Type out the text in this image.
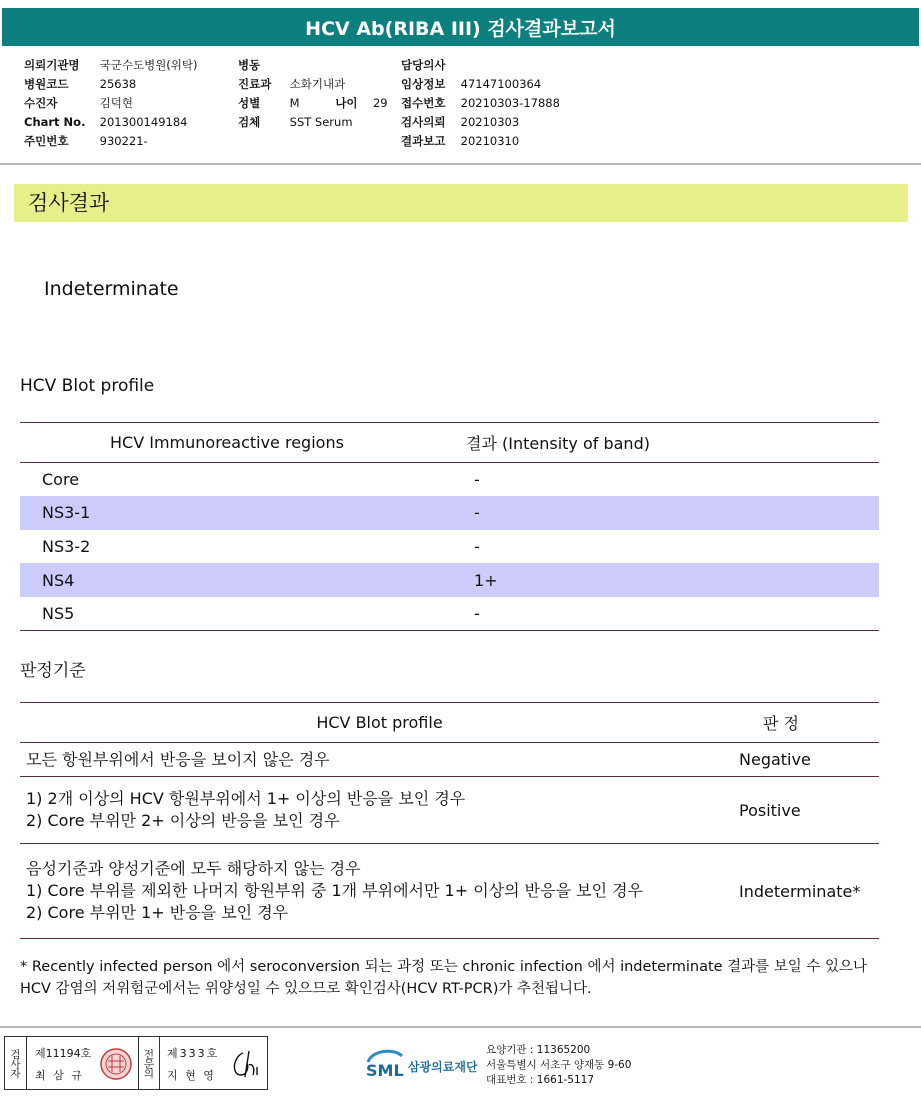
HCV Ab(RIBA III) 검사결과보고서
의뢰기관명 국군수도병원(위탁)
병원코드	25638
수진자	김덕현
Chart No. 201300149184
주민번호	930221-
병동
진료과 소화기내과
성별	M	나이 29
검체	SST Serum
담당의사
임상정보 47147100364
접수번호 20210303-17888
검사의뢰 20210303
결과보고 20210310
검사결과
Indeterminate
HCV Blot profile
HCV Immunoreactive regions	결과 (Intensity of band)
Core	-
NS3-1	-
NS3-2	-
NS4	1+
NS5	-
판정기준
HCV Blot profile	판 정

모든 항원부위에서 반응을 보이지 않은 경우	Negative

1) 2개 이상의 HCV 항원부위에서 1+ 이상의 반응을 보인 경우
2) Core 부위만 2+ 이상의 반응을 보인 경우	Positive

음성기준과 양성기준에 모두 해당하지 않는 경우
1) Core 부위를 제외한 나머지 항원부위 중 1개 부위에서만 1+ 이상의 반응을 보인 경우
2) Core 부위만 1+ 반응을 보인 경우	Indeterminate*
* Recently infected person 에서 seroconversion 되는 과정 또는 chronic infection 에서 indeterminate 결과를 보일 수 있으나 HCV 감염의 저위험군에서는 위양성일 수 있으므로 확인검사(HCV RT-PCR)가 추천됩니다.
검사자	제11194호
최 삼 규	전문의	제333호
지 현 영	SML 삼광의료재단
요양기관 : 11365200
서울특별시 서초구 양재동 9-60
대표번호 : 1661-5117
